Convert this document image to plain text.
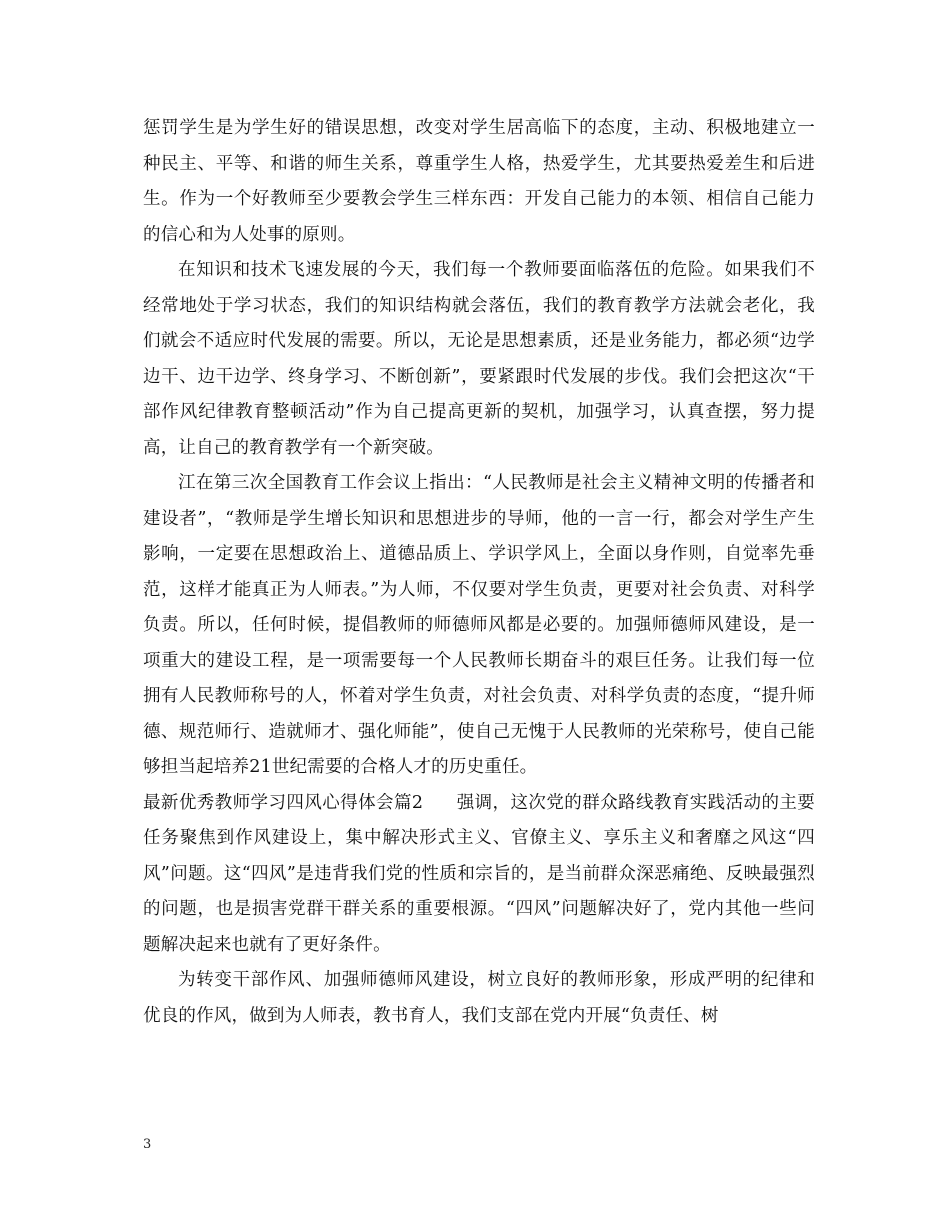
惩罚学生是为学生好的错误思想，改变对学生居高临下的态度，主动、积极地建立一种民主、平等、和谐的师生关系，尊重学生人格，热爱学生，尤其要热爱差生和后进生。作为一个好教师至少要教会学生三样东西：开发自己能力的本领、相信自己能力的信心和为人处事的原则。

在知识和技术飞速发展的今天，我们每一个教师要面临落伍的危险。如果我们不经常地处于学习状态，我们的知识结构就会落伍，我们的教育教学方法就会老化，我们就会不适应时代发展的需要。所以，无论是思想素质，还是业务能力，都必须“边学边干、边干边学、终身学习、不断创新”，要紧跟时代发展的步伐。我们会把这次“干部作风纪律教育整顿活动”作为自己提高更新的契机，加强学习，认真查摆，努力提高，让自己的教育教学有一个新突破。

江在第三次全国教育工作会议上指出：“人民教师是社会主义精神文明的传播者和建设者”，“教师是学生增长知识和思想进步的导师，他的一言一行，都会对学生产生影响，一定要在思想政治上、道德品质上、学识学风上，全面以身作则，自觉率先垂范，这样才能真正为人师表。”为人师，不仅要对学生负责，更要对社会负责、对科学负责。所以，任何时候，提倡教师的师德师风都是必要的。加强师德师风建设，是一项重大的建设工程，是一项需要每一个人民教师长期奋斗的艰巨任务。让我们每一位拥有人民教师称号的人，怀着对学生负责，对社会负责、对科学负责的态度，“提升师德、规范师行、造就师才、强化师能”，使自己无愧于人民教师的光荣称号，使自己能够担当起培养21世纪需要的合格人才的历史重任。

最新优秀教师学习四风心得体会篇2 强调，这次党的群众路线教育实践活动的主要任务聚焦到作风建设上，集中解决形式主义、官僚主义、享乐主义和奢靡之风这“四风”问题。这“四风”是违背我们党的性质和宗旨的，是当前群众深恶痛绝、反映最强烈的问题，也是损害党群干群关系的重要根源。“四风”问题解决好了，党内其他一些问题解决起来也就有了更好条件。

为转变干部作风、加强师德师风建设，树立良好的教师形象，形成严明的纪律和优良的作风，做到为人师表，教书育人，我们支部在党内开展“负责任、树

3
